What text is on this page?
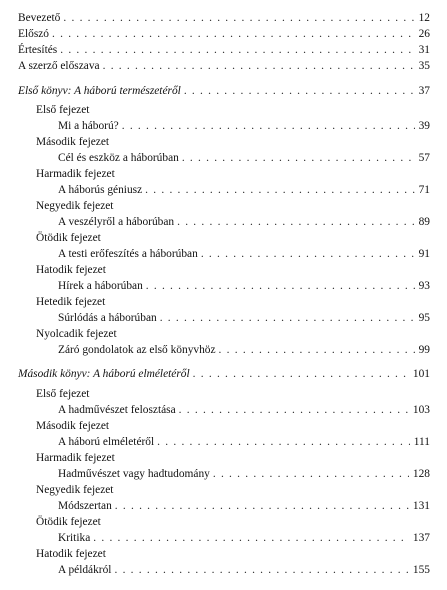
Bevezető . . .	12
Előszó . . .	26
Értesítés . . .	31
A szerző előszava . . .	35
Első könyv: A háború természetéről . . .	37
Első fejezet
Mi a háború? . . .	39
Második fejezet
Cél és eszköz a háborúban . . .	57
Harmadik fejezet
A háborús géniusz . . .	71
Negyedik fejezet
A veszélyről a háborúban . . .	89
Ötödik fejezet
A testi erőfeszítés a háborúban . . .	91
Hatodik fejezet
Hírek a háborúban . . .	93
Hetedik fejezet
Súrlódás a háborúban . . .	95
Nyolcadik fejezet
Záró gondolatok az első könyvhöz . . .	99
Második könyv: A háború elméletéről . . .	101
Első fejezet
A hadművészet felosztása . . .	103
Második fejezet
A háború elméletéről . . .	111
Harmadik fejezet
Hadművészet vagy hadtudomány . . .	128
Negyedik fejezet
Módszertan . . .	131
Ötödik fejezet
Kritika . . .	137
Hatodik fejezet
A példákról . . .	155
